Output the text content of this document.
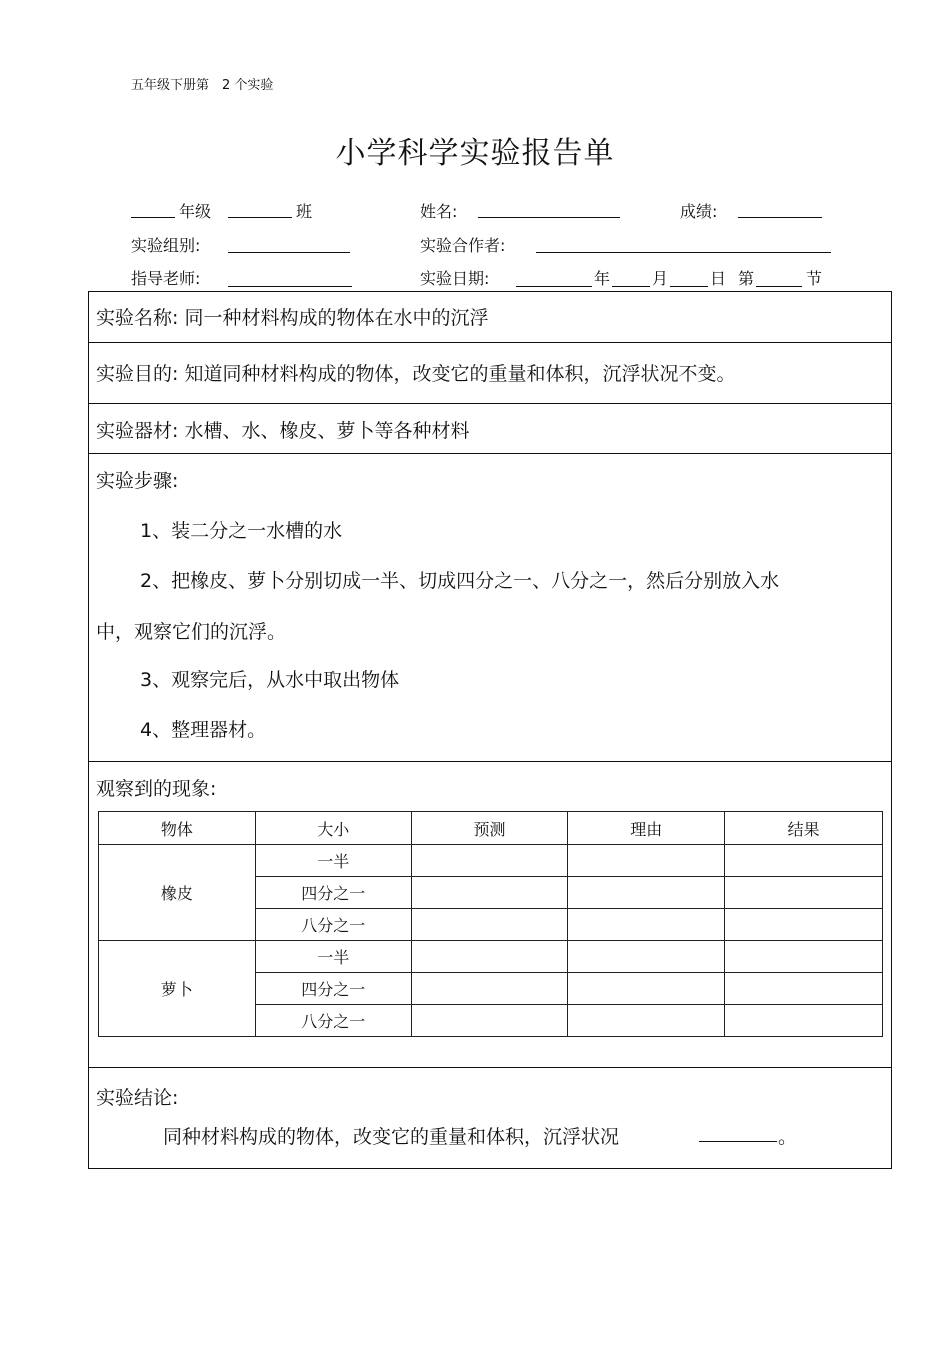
五年级下册第　2 个实验
小学科学实验报告单
年级	班	姓名:	成绩:
实验组别:	实验合作者:
指导老师:	实验日期:	年	月	日 第	节
实验名称: 同一种材料构成的物体在水中的沉浮
实验目的: 知道同种材料构成的物体，改变它的重量和体积，沉浮状况不变。
实验器材: 水槽、水、橡皮、萝卜等各种材料
实验步骤:
1、装二分之一水槽的水
2、把橡皮、萝卜分别切成一半、切成四分之一、八分之一，然后分别放入水
中，观察它们的沉浮。
3、观察完后，从水中取出物体
4、整理器材。
观察到的现象:
物体	大小	预测	理由	结果
橡皮	一半			
	四分之一			
	八分之一			
萝卜	一半			
	四分之一			
	八分之一			
实验结论:
同种材料构成的物体，改变它的重量和体积，沉浮状况	。
